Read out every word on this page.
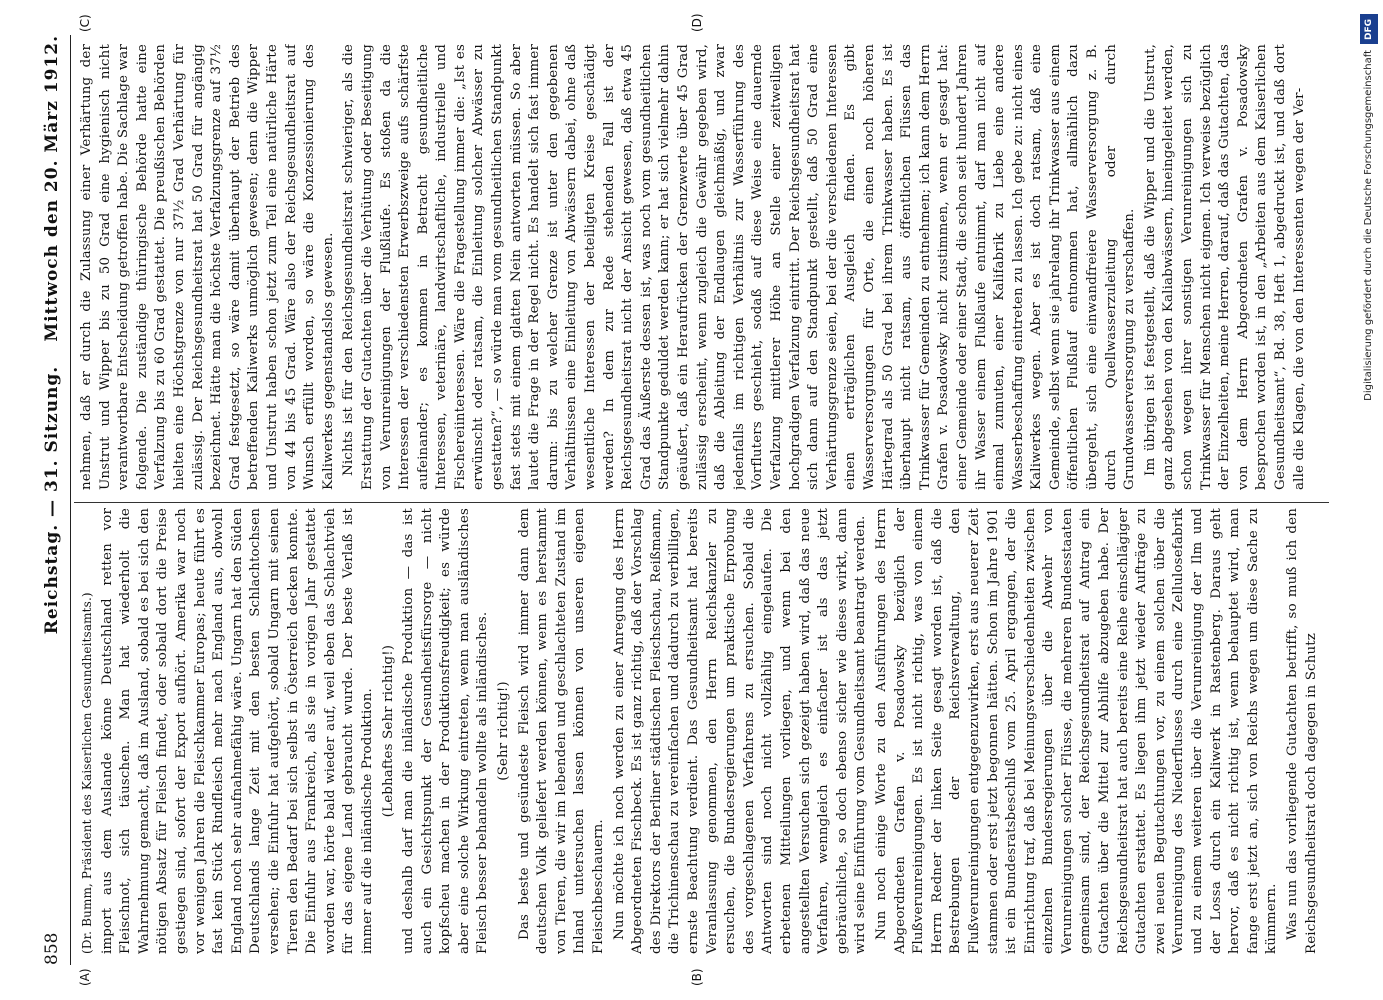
858
Reichstag. — 31. Sitzung.
Mittwoch den 20. März 1912.
(A)	(B)
(C)	(D)

(Dr. Bumm, Präsident des Kaiserlichen Gesundheitsamts.) import aus dem Auslande könne Deutschland retten vor Fleischnot, sich täuschen. Man hat wiederholt die Wahrnehmung gemacht, daß im Ausland, sobald es bei sich den nötigen Absatz für Fleisch findet, oder sobald dort die Preise gestiegen sind, sofort der Export aufhört. Amerika war noch vor wenigen Jahren die Fleischkammer Europas; heute führt es fast kein Stück Rindfleisch mehr nach England aus, obwohl England noch sehr aufnahmefähig wäre. Ungarn hat den Süden Deutschlands lange Zeit mit den besten Schlachtochsen versehen; die Einfuhr hat aufgehört, sobald Ungarn mit seinen Tieren den Bedarf bei sich selbst in Österreich decken konnte. Die Einfuhr aus Frankreich, als sie in vorigen Jahr gestattet worden war, hörte bald wieder auf, weil eben das Schlachtvieh für das eigene Land gebraucht wurde. Der beste Verlaß ist immer auf die inländische Produktion. (Lebhaftes Sehr richtig!) und deshalb darf man die inländische Produktion — das ist auch ein Gesichtspunkt der Gesundheitsfürsorge — nicht kopfscheu machen in der Produktionsfreudigkeit; es würde aber eine solche Wirkung eintreten, wenn man ausländisches Fleisch besser behandeln wollte als inländisches. (Sehr richtig!) Das beste und gesündeste Fleisch wird immer dann dem deutschen Volk geliefert werden können, wenn es herstammt von Tieren, die wir im lebenden und geschlachteten Zustand im Inland untersuchen lassen können von unseren eigenen Fleischbeschauern. Nun möchte ich noch werden zu einer Anregung des Herrn Abgeordneten Fischbeck. Es ist ganz richtig, daß der Vorschlag des Direktors der Berliner städtischen Fleischschau, Reißmann, die Trichinenschau zu vereinfachen und dadurch zu verbilligen, ernste Beachtung verdient. Das Gesundheitsamt hat bereits Veranlassung genommen, den Herrn Reichskanzler zu ersuchen, die Bundesregierungen um praktische Erprobung des vorgeschlagenen Verfahrens zu ersuchen. Sobald die Antworten sind noch nicht vollzählig eingelaufen. Die erbetenen Mitteilungen vorliegen, und wenn bei den angestellten Versuchen sich gezeigt haben wird, daß das neue Verfahren, wenngleich es einfacher ist als das jetzt gebräuchliche, so doch ebenso sicher wie dieses wirkt, dann wird seine Einführung vom Gesundheitsamt beantragt werden. Nun noch einige Worte zu den Ausführungen des Herrn Abgeordneten Grafen v. Posadowsky bezüglich der Flußverunreinigungen. Es ist nicht richtig, was von einem Herrn Redner der linken Seite gesagt worden ist, daß die Bestrebungen der Reichsverwaltung, den Flußverunreinigungen entgegenzuwirken, erst aus neuerer Zeit stammen oder erst jetzt begonnen hätten. Schon im Jahre 1901 ist ein Bundesratsbeschluß vom 25. April ergangen, der die Einrichtung traf, daß bei Meinungsverschiedenheiten zwischen einzelnen Bundesregierungen über die Abwehr von Verunreinigungen solcher Flüsse, die mehreren Bundesstaaten gemeinsam sind, der Reichsgesundheitsrat auf Antrag ein Gutachten über die Mittel zur Abhilfe abzugeben habe. Der Reichsgesundheitsrat hat auch bereits eine Reihe einschlägiger Gutachten erstattet. Es liegen ihm jetzt wieder Aufträge zu zwei neuen Begutachtungen vor, zu einem solchen über die Verunreinigung des Niederflusses durch eine Zellulosefabrik und zu einem weiteren über die Verunreinigung der Ilm und der Lossa durch ein Kaliwerk in Rastenberg. Daraus geht hervor, daß es nicht richtig ist, wenn behauptet wird, man fange erst jetzt an, sich von Reichs wegen um diese Sache zu kümmern. Was nun das vorliegende Gutachten betrifft, so muß ich den Reichsgesundheitsrat doch dagegen in Schutz

nehmen, daß er durch die Zulassung einer Verhärtung der Unstrut und Wipper bis zu 50 Grad eine hygienisch nicht verantwortbare Entscheidung getroffen habe. Die Sachlage war folgende. Die zuständige thüringische Behörde hatte eine Verfalzung bis zu 60 Grad gestattet. Die preußischen Behörden hielten eine Höchstgrenze von nur 37½ Grad Verhärtung für zulässig. Der Reichsgesundheitsrat hat 50 Grad für angängig bezeichnet. Hätte man die höchste Verfalzungsgrenze auf 37½ Grad festgesetzt, so wäre damit überhaupt der Betrieb des betreffenden Kaliwerks unmöglich gewesen; denn die Wipper und Unstrut haben schon jetzt zum Teil eine natürliche Härte von 44 bis 45 Grad. Wäre also der Reichsgesundheitsrat auf Wunsch erfüllt worden, so wäre die Konzessionierung des Kaliwerkes gegenstandslos gewesen. Nichts ist für den Reichsgesundheitsrat schwieriger, als die Erstattung der Gutachten über die Verhütung oder Beseitigung von Verunreinigungen der Flußläufe. Es stoßen da die Interessen der verschiedensten Erwerbszweige aufs schärfste aufeinander; es kommen in Betracht gesundheitliche Interessen, veterinäre, landwirtschaftliche, industrielle und Fischereiinteressen. Wäre die Fragestellung immer die: „Ist es erwünscht oder ratsam, die Einleitung solcher Abwässer zu gestatten?“, — so würde man vom gesundheitlichen Standpunkt fast stets mit einem glatten Nein antworten müssen. So aber lautet die Frage in der Regel nicht. Es handelt sich fast immer darum: bis zu welcher Grenze ist unter den gegebenen Verhältnissen eine Einleitung von Abwässern dabei, ohne daß wesentliche Interessen der beteiligten Kreise geschädigt werden? In dem zur Rede stehenden Fall ist der Reichsgesundheitsrat nicht der Ansicht gewesen, daß etwa 45 Grad das Äußerste dessen ist, was noch vom gesundheitlichen Standpunkte geduldet werden kann; er hat sich vielmehr dahin geäußert, daß ein Heraufrücken der Grenzwerte über 45 Grad zulässig erscheint, wenn zugleich die Gewähr gegeben wird, daß die Ableitung der Endlaugen gleichmäßig, und zwar jedenfalls im richtigen Verhältnis zur Wasserführung des Vorfluters geschieht, sodaß auf diese Weise eine dauernde Verfalzung mittlerer Höhe an Stelle einer zeitweiligen hochgradigen Verfalzung eintritt. Der Reichsgesundheitsrat hat sich dann auf den Standpunkt gestellt, daß 50 Grad eine Verhärtungsgrenze seien, bei der die verschiedenen Interessen einen erträglichen Ausgleich finden. Es gibt Wasserversorgungen für Orte, die einen noch höheren Härtegrad als 50 Grad bei ihrem Trinkwasser haben. Es ist überhaupt nicht ratsam, aus öffentlichen Flüssen das Trinkwasser für Gemeinden zu entnehmen; ich kann dem Herrn Grafen v. Posadowsky nicht zustimmen, wenn er gesagt hat: einer Gemeinde oder einer Stadt, die schon seit hundert Jahren ihr Wasser einem Flußlaufe entnimmt, darf man nicht auf einmal zumuten, einer Kalifabrik zu Liebe eine andere Wasserbeschaffung eintreten zu lassen. Ich gebe zu: nicht eines Kaliwerkes wegen. Aber es ist doch ratsam, daß eine Gemeinde, selbst wenn sie jahrelang ihr Trinkwasser aus einem öffentlichen Flußlauf entnommen hat, allmählich dazu übergeht, sich eine einwandfreiere Wasserversorgung z. B. durch Quellwasserzuleitung oder durch Grundwasserversorgung zu verschaffen. Im übrigen ist festgestellt, daß die Wipper und die Unstrut, ganz abgesehen von den Kaliabwässern, hineingeleitet werden, schon wegen ihrer sonstigen Verunreinigungen sich zu Trinkwasser für Menschen nicht eignen. Ich verweise bezüglich der Einzelheiten, meine Herren, darauf, daß das Gutachten, das von dem Herrn Abgeordneten Grafen v. Posadowsky besprochen worden ist, in den „Arbeiten aus dem Kaiserlichen Gesundheitsamt“, Bd. 38, Heft 1, abgedruckt ist, und daß dort alle die Klagen, die von den Interessenten wegen der Ver-

DFG
Digitalisierung gefördert durch die Deutsche Forschungsgemeinschaft
